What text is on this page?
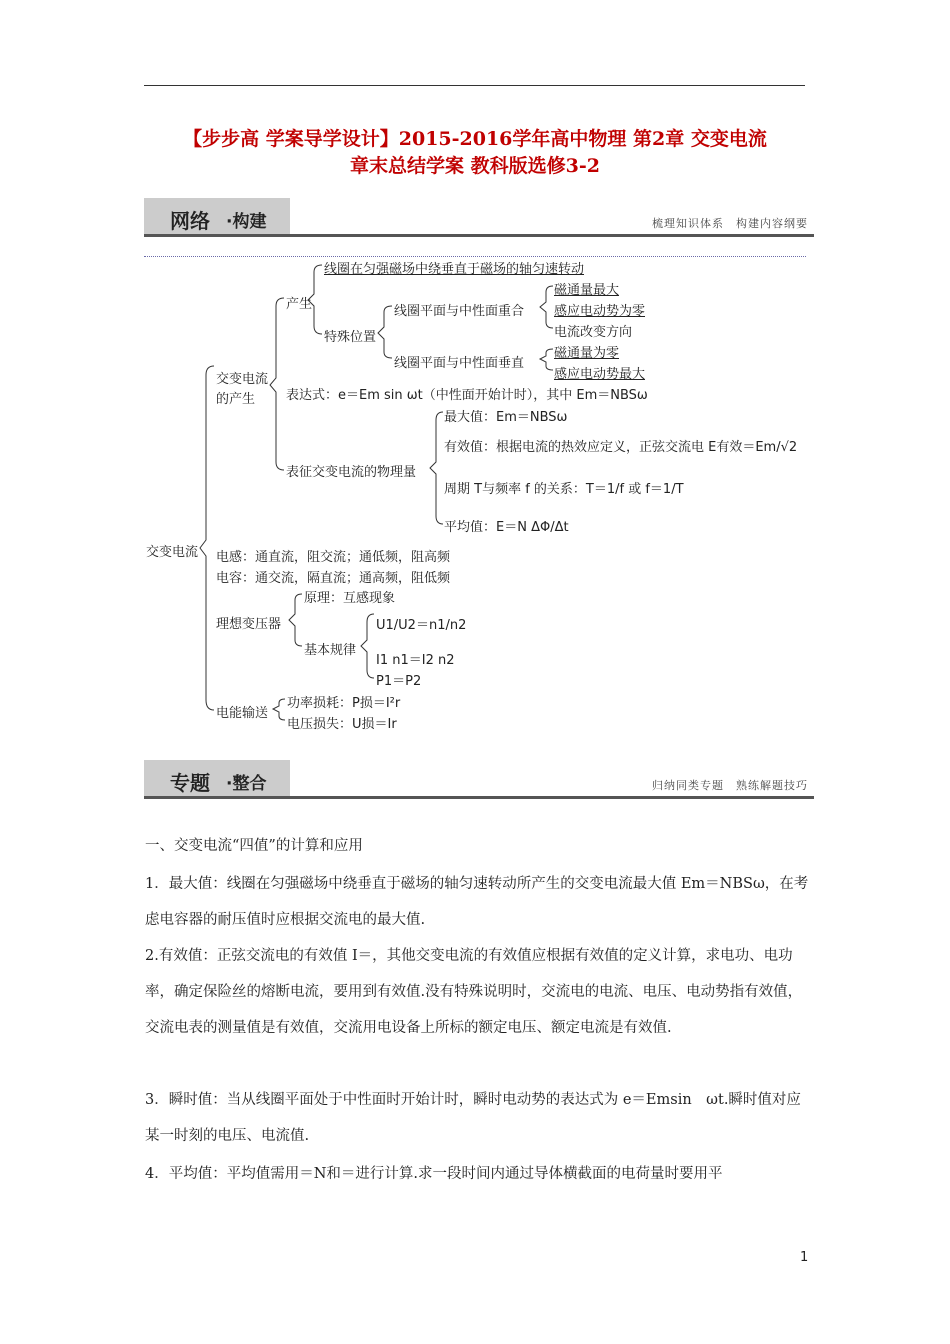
【步步高 学案导学设计】2015-2016学年高中物理 第2章 交变电流
章末总结学案 教科版选修3-2
网络 ·构建	梳理知识体系　构建内容纲要
交变电流
交变电流
的产生
产生
线圈在匀强磁场中绕垂直于磁场的轴匀速转动
特殊位置
线圈平面与中性面重合
磁通量最大
感应电动势为零
电流改变方向
线圈平面与中性面垂直
磁通量为零
感应电动势最大
表达式：e＝Em sin ωt（中性面开始计时），其中 Em＝NBSω
表征交变电流的物理量
最大值：Em＝NBSω
有效值：根据电流的热效应定义，正弦交流电 E有效＝Em/√2
周期 T与频率 f 的关系：T＝1/f 或 f＝1/T
平均值：E＝N ΔΦ/Δt
电感：通直流，阻交流；通低频，阻高频
电容：通交流，隔直流；通高频，阻低频
理想变压器
原理：互感现象
基本规律
U1/U2＝n1/n2
I1 n1＝I2 n2
P1＝P2
电能输送
功率损耗：P损＝I²r
电压损失：U损＝Ir
专题 ·整合	归纳同类专题　熟练解题技巧
一、交变电流“四值”的计算和应用
1．最大值：线圈在匀强磁场中绕垂直于磁场的轴匀速转动所产生的交变电流最大值 Em＝NBSω，在考虑电容器的耐压值时应根据交流电的最大值.
2.有效值：正弦交流电的有效值 I＝，其他交变电流的有效值应根据有效值的定义计算，求电功、电功率，确定保险丝的熔断电流，要用到有效值.没有特殊说明时，交流电的电流、电压、电动势指有效值，交流电表的测量值是有效值，交流用电设备上所标的额定电压、额定电流是有效值.
3．瞬时值：当从线圈平面处于中性面时开始计时，瞬时电动势的表达式为 e＝Emsin　ωt.瞬时值对应某一时刻的电压、电流值.
4．平均值：平均值需用＝N和＝进行计算.求一段时间内通过导体横截面的电荷量时要用平
1
